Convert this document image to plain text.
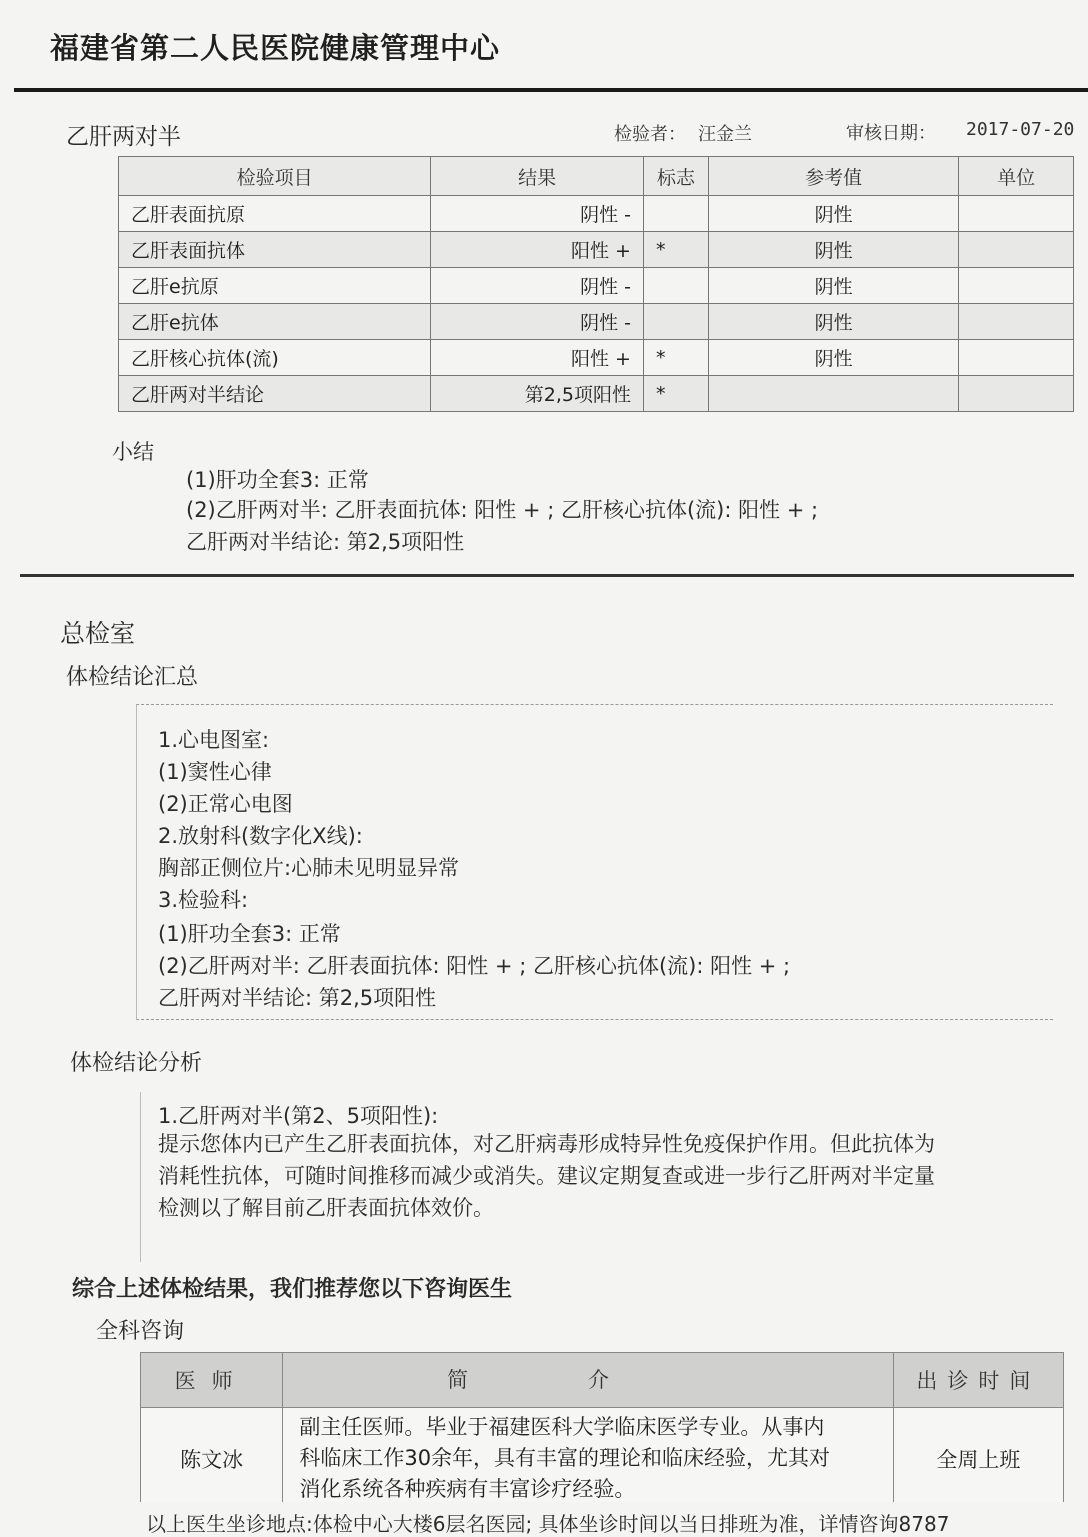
福建省第二人民医院健康管理中心
乙肝两对半	检验者： 汪金兰	审核日期： 2017-07-20
检验项目	结果	标志	参考值	单位
乙肝表面抗原	阴性 -		阴性	
乙肝表面抗体	阳性 +	*	阴性	
乙肝e抗原	阴性 -		阴性	
乙肝e抗体	阴性 -		阴性	
乙肝核心抗体(流)	阳性 +	*	阴性	
乙肝两对半结论	第2,5项阳性	*		
小结
(1)肝功全套3: 正常
(2)乙肝两对半: 乙肝表面抗体: 阳性 + ; 乙肝核心抗体(流): 阳性 + ;
乙肝两对半结论: 第2,5项阳性
总检室
体检结论汇总
1.心电图室:
(1)窦性心律
(2)正常心电图
2.放射科(数字化X线):
胸部正侧位片:心肺未见明显异常
3.检验科:
(1)肝功全套3: 正常
(2)乙肝两对半: 乙肝表面抗体: 阳性 + ; 乙肝核心抗体(流): 阳性 + ;
乙肝两对半结论: 第2,5项阳性
体检结论分析
1.乙肝两对半(第2、5项阳性):
提示您体内已产生乙肝表面抗体，对乙肝病毒形成特异性免疫保护作用。但此抗体为
消耗性抗体，可随时间推移而减少或消失。建议定期复查或进一步行乙肝两对半定量
检测以了解目前乙肝表面抗体效价。
综合上述体检结果，我们推荐您以下咨询医生
全科咨询
医师	简介	出诊时间
陈文冰	副主任医师。毕业于福建医科大学临床医学专业。从事内
科临床工作30余年，具有丰富的理论和临床经验，尤其对
消化系统各种疾病有丰富诊疗经验。	全周上班
以上医生坐诊地点:体检中心大楼6层名医园; 具体坐诊时间以当日排班为准，详情咨询8787
